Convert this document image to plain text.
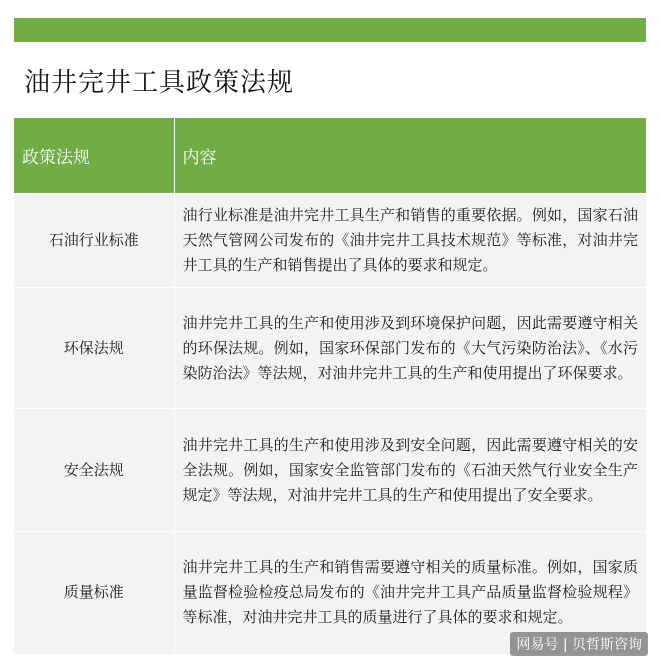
油井完井工具政策法规
政策法规	内容
石油行业标准	油行业标准是油井完井工具生产和销售的重要依据。例如，国家石油天然气管网公司发布的《油井完井工具技术规范》等标准，对油井完井工具的生产和销售提出了具体的要求和规定。
环保法规	油井完井工具的生产和使用涉及到环境保护问题，因此需要遵守相关的环保法规。例如，国家环保部门发布的《大气污染防治法》、《水污染防治法》等法规，对油井完井工具的生产和使用提出了环保要求。
安全法规	油井完井工具的生产和使用涉及到安全问题，因此需要遵守相关的安全法规。例如，国家安全监管部门发布的《石油天然气行业安全生产规定》等法规，对油井完井工具的生产和使用提出了安全要求。
质量标准	油井完井工具的生产和销售需要遵守相关的质量标准。例如，国家质量监督检验检疫总局发布的《油井完井工具产品质量监督检验规程》等标准，对油井完井工具的质量进行了具体的要求和规定。
网易号 | 贝哲斯咨询
